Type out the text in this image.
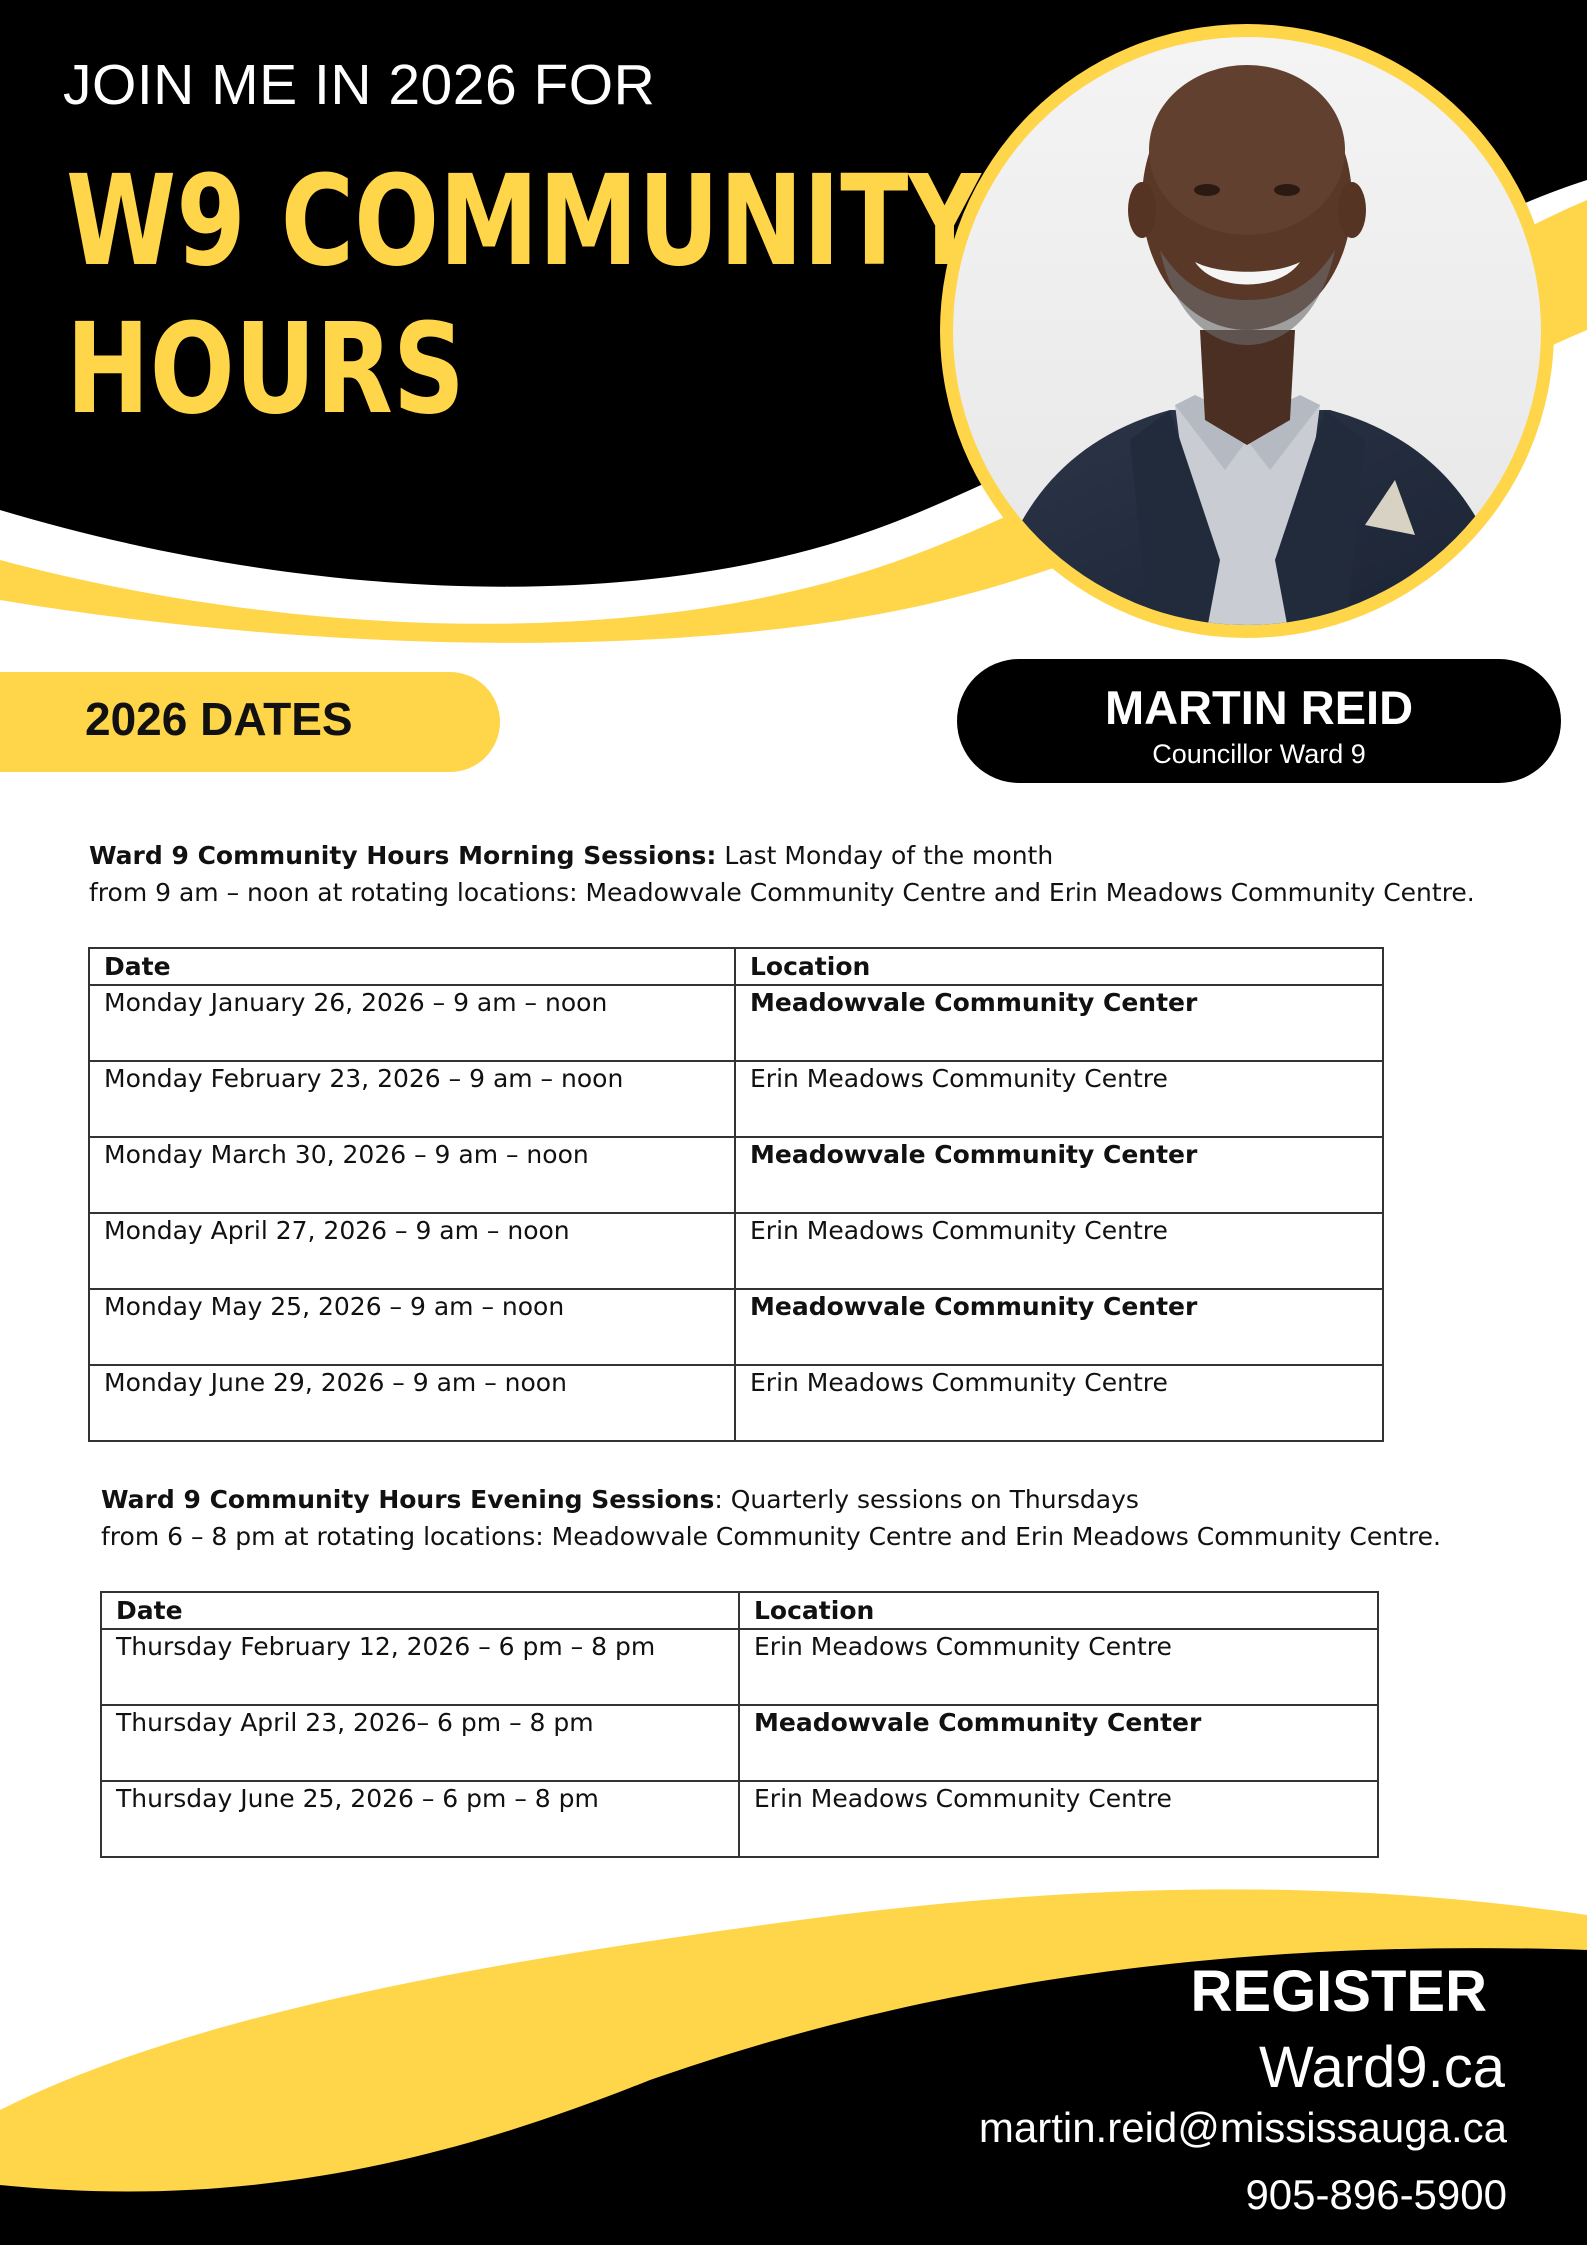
JOIN ME IN 2026 FOR
W9 COMMUNITY
HOURS
2026 DATES	MARTIN REID
Councillor Ward 9
Ward 9 Community Hours Morning Sessions: Last Monday of the month
from 9 am – noon at rotating locations: Meadowvale Community Centre and Erin Meadows Community Centre.
Date	Location
Monday January 26, 2026 – 9 am – noon	Meadowvale Community Center
Monday February 23, 2026 – 9 am – noon	Erin Meadows Community Centre
Monday March 30, 2026 – 9 am – noon	Meadowvale Community Center
Monday April 27, 2026 – 9 am – noon	Erin Meadows Community Centre
Monday May 25, 2026 – 9 am – noon	Meadowvale Community Center
Monday June 29, 2026 – 9 am – noon	Erin Meadows Community Centre
Ward 9 Community Hours Evening Sessions: Quarterly sessions on Thursdays
from 6 – 8 pm at rotating locations: Meadowvale Community Centre and Erin Meadows Community Centre.
Date	Location
Thursday February 12, 2026 – 6 pm – 8 pm	Erin Meadows Community Centre
Thursday April 23, 2026– 6 pm – 8 pm	Meadowvale Community Center
Thursday June 25, 2026 – 6 pm – 8 pm	Erin Meadows Community Centre
REGISTER
Ward9.ca
martin.reid@mississauga.ca
905-896-5900
